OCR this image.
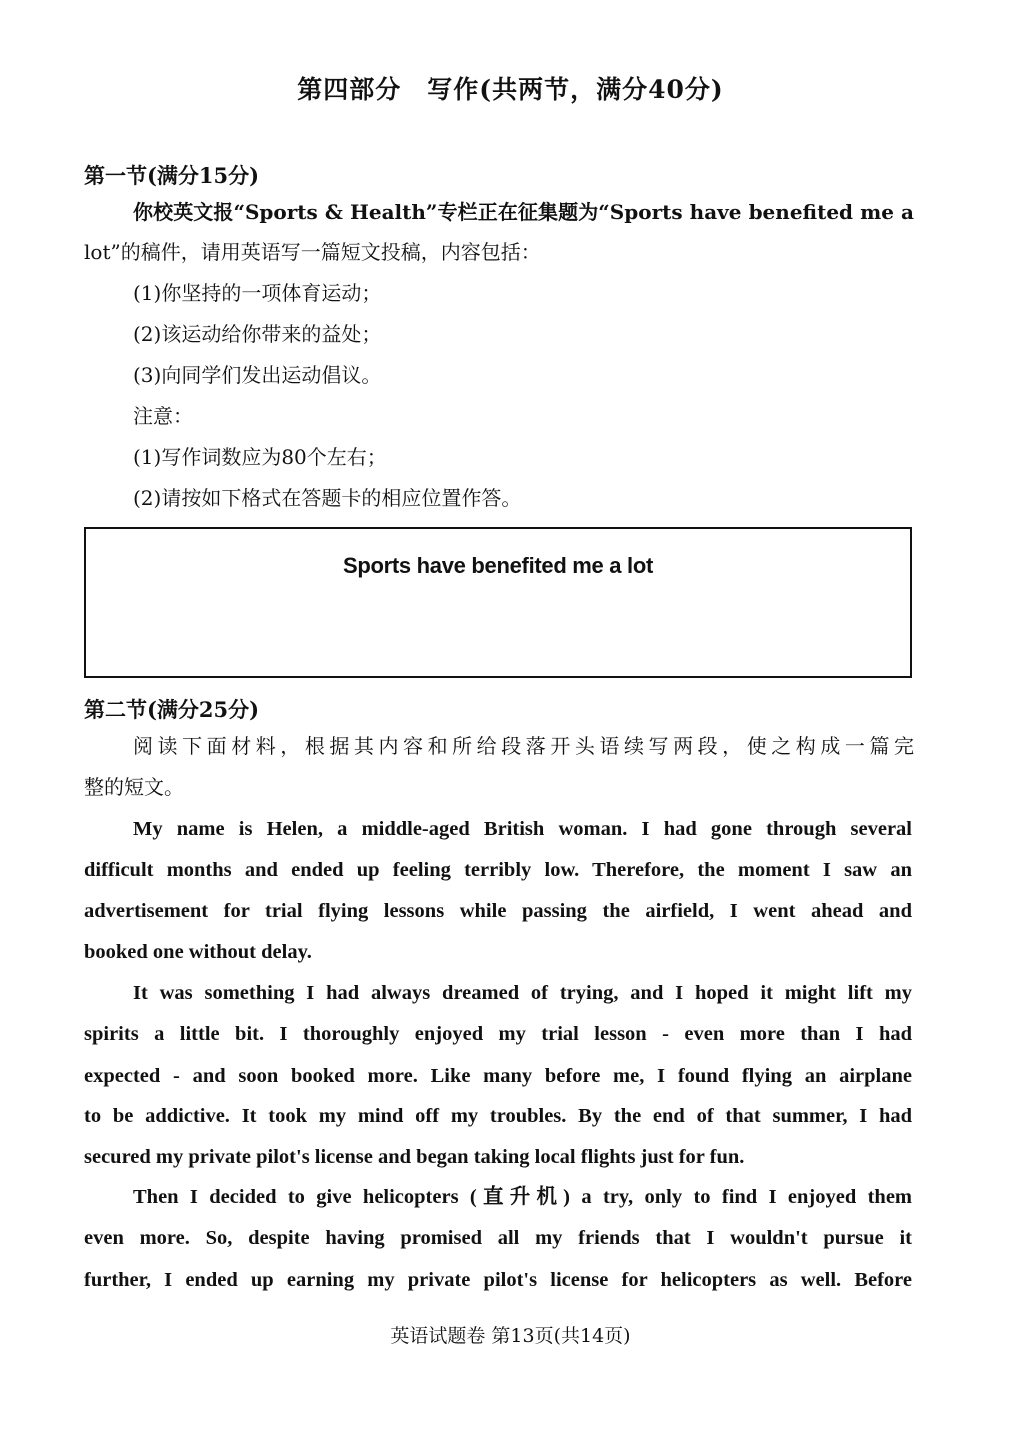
第四部分　写作(共两节，满分40分)
第一节(满分15分)
你校英文报“Sports & Health”专栏正在征集题为“Sports have benefited me a
lot”的稿件，请用英语写一篇短文投稿，内容包括：
(1)你坚持的一项体育运动；
(2)该运动给你带来的益处；
(3)向同学们发出运动倡议。
注意：
(1)写作词数应为80个左右；
(2)请按如下格式在答题卡的相应位置作答。
Sports have benefited me a lot
第二节(满分25分)
阅读下面材料，根据其内容和所给段落开头语续写两段，使之构成一篇完
整的短文。
My name is Helen, a middle-aged British woman. I had gone through several
difficult months and ended up feeling terribly low. Therefore, the moment I saw an
advertisement for trial flying lessons while passing the airfield, I went ahead and
booked one without delay.
It was something I had always dreamed of trying, and I hoped it might lift my
spirits a little bit. I thoroughly enjoyed my trial lesson - even more than I had
expected - and soon booked more. Like many before me, I found flying an airplane
to be addictive. It took my mind off my troubles. By the end of that summer, I had
secured my private pilot's license and began taking local flights just for fun.
Then I decided to give helicopters (直升机) a try, only to find I enjoyed them
even more. So, despite having promised all my friends that I wouldn't pursue it
further, I ended up earning my private pilot's license for helicopters as well. Before
英语试题卷 第13页(共14页)
